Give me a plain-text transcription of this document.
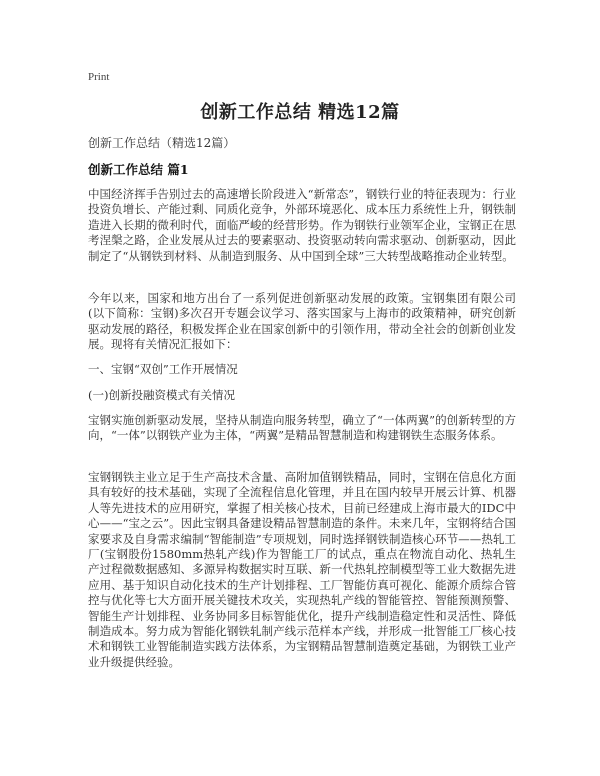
Print
创新工作总结 精选12篇
创新工作总结（精选12篇）
创新工作总结 篇1

中国经济挥手告别过去的高速增长阶段进入“新常态”，钢铁行业的特征表现为：行业投资负增长、产能过剩、同质化竞争，外部环境恶化、成本压力系统性上升，钢铁制造进入长期的微利时代，面临严峻的经营形势。作为钢铁行业领军企业，宝钢正在思考涅槃之路，企业发展从过去的要素驱动、投资驱动转向需求驱动、创新驱动，因此制定了“从钢铁到材料、从制造到服务、从中国到全球”三大转型战略推动企业转型。

今年以来，国家和地方出台了一系列促进创新驱动发展的政策。宝钢集团有限公司(以下简称：宝钢)多次召开专题会议学习、落实国家与上海市的政策精神，研究创新驱动发展的路径，积极发挥企业在国家创新中的引领作用，带动全社会的创新创业发展。现将有关情况汇报如下：

一、宝钢“双创”工作开展情况

(一)创新投融资模式有关情况

宝钢实施创新驱动发展，坚持从制造向服务转型，确立了“一体两翼”的创新转型的方向，“一体”以钢铁产业为主体，“两翼”是精品智慧制造和构建钢铁生态服务体系。

宝钢钢铁主业立足于生产高技术含量、高附加值钢铁精品，同时，宝钢在信息化方面具有较好的技术基础，实现了全流程信息化管理，并且在国内较早开展云计算、机器人等先进技术的应用研究，掌握了相关核心技术，目前已经建成上海市最大的IDC中心——“宝之云”。因此宝钢具备建设精品智慧制造的条件。未来几年，宝钢将结合国家要求及自身需求编制“智能制造”专项规划，同时选择钢铁制造核心环节——热轧工厂(宝钢股份1580mm热轧产线)作为智能工厂的试点，重点在物流自动化、热轧生产过程微数据感知、多源异构数据实时互联、新一代热轧控制模型等工业大数据先进应用、基于知识自动化技术的生产计划排程、工厂智能仿真可视化、能源介质综合管控与优化等七大方面开展关键技术攻关，实现热轧产线的智能管控、智能预测预警、智能生产计划排程、业务协同多目标智能优化，提升产线制造稳定性和灵活性、降低制造成本。努力成为智能化钢铁轧制产线示范样本产线，并形成一批智能工厂核心技术和钢铁工业智能制造实践方法体系，为宝钢精品智慧制造奠定基础，为钢铁工业产业升级提供经验。
